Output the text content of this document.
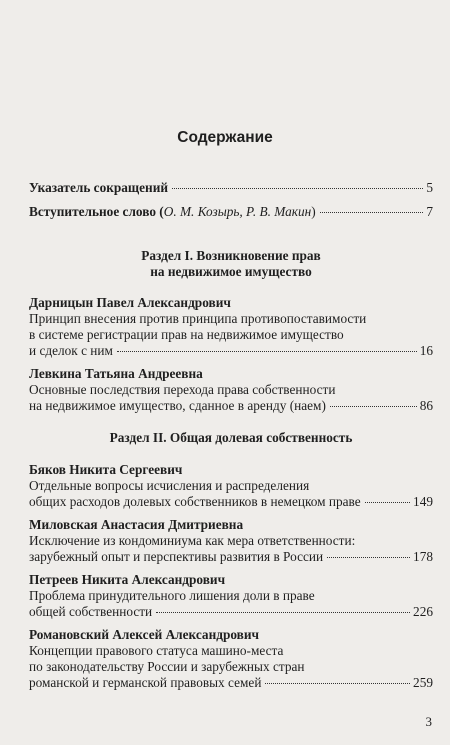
Содержание
Указатель сокращений	5
Вступительное слово (О. М. Козырь, Р. В. Макин)	7
Раздел I. Возникновение прав
на недвижимое имущество
Дарницын Павел Александрович
Принцип внесения против принципа противопоставимости
в системе регистрации прав на недвижимое имущество
и сделок с ним	16
Левкина Татьяна Андреевна
Основные последствия перехода права собственности
на недвижимое имущество, сданное в аренду (наем)	86
Раздел II. Общая долевая собственность
Бяков Никита Сергеевич
Отдельные вопросы исчисления и распределения
общих расходов долевых собственников в немецком праве	149
Миловская Анастасия Дмитриевна
Исключение из кондоминиума как мера ответственности:
зарубежный опыт и перспективы развития в России	178
Петреев Никита Александрович
Проблема принудительного лишения доли в праве
общей собственности	226
Романовский Алексей Александрович
Концепции правового статуса машино-места
по законодательству России и зарубежных стран
романской и германской правовых семей	259
3
